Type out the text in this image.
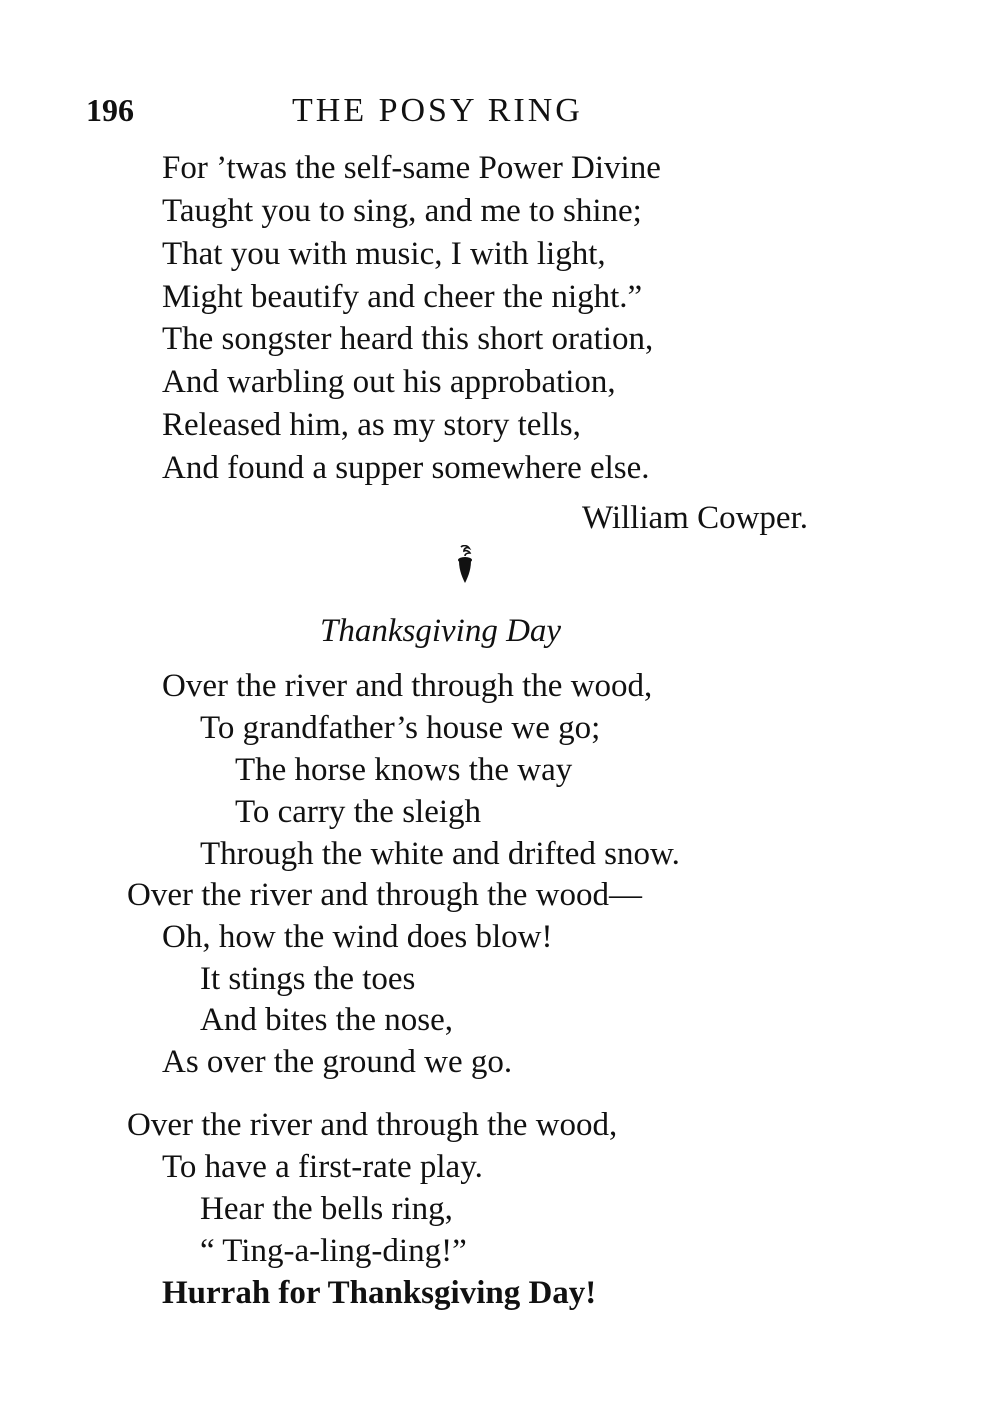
196	THE POSY RING
For ’twas the self-same Power Divine
Taught you to sing, and me to shine;
That you with music, I with light,
Might beautify and cheer the night.”
The songster heard this short oration,
And warbling out his approbation,
Released him, as my story tells,
And found a supper somewhere else.
William Cowper.
Thanksgiving Day
Over the river and through the wood,
To grandfather’s house we go;
The horse knows the way
To carry the sleigh
Through the white and drifted snow.
Over the river and through the wood—
Oh, how the wind does blow!
It stings the toes
And bites the nose,
As over the ground we go.
Over the river and through the wood,
To have a first-rate play.
Hear the bells ring,
“ Ting-a-ling-ding!”
Hurrah for Thanksgiving Day!
